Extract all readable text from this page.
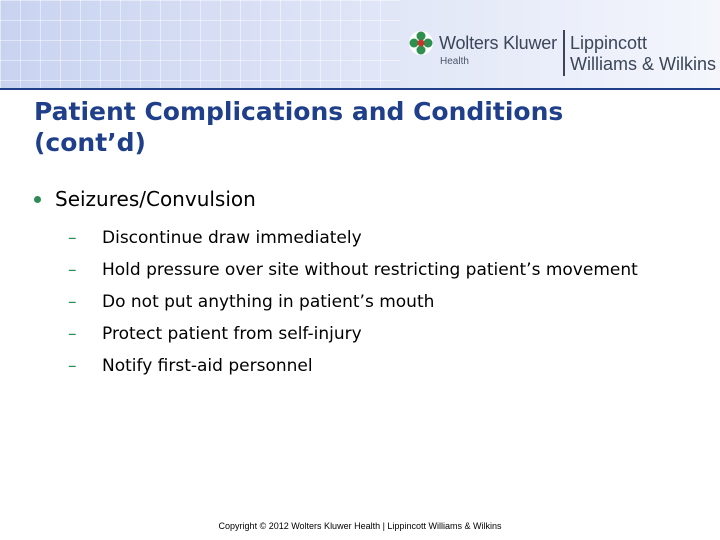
Wolters Kluwer
Health
Lippincott
Williams & Wilkins
Patient Complications and Conditions
(cont’d)
Seizures/Convulsion
–	Discontinue draw immediately
–	Hold pressure over site without restricting patient’s movement
–	Do not put anything in patient’s mouth
–	Protect patient from self-injury
–	Notify first-aid personnel
Copyright © 2012 Wolters Kluwer Health | Lippincott Williams & Wilkins
